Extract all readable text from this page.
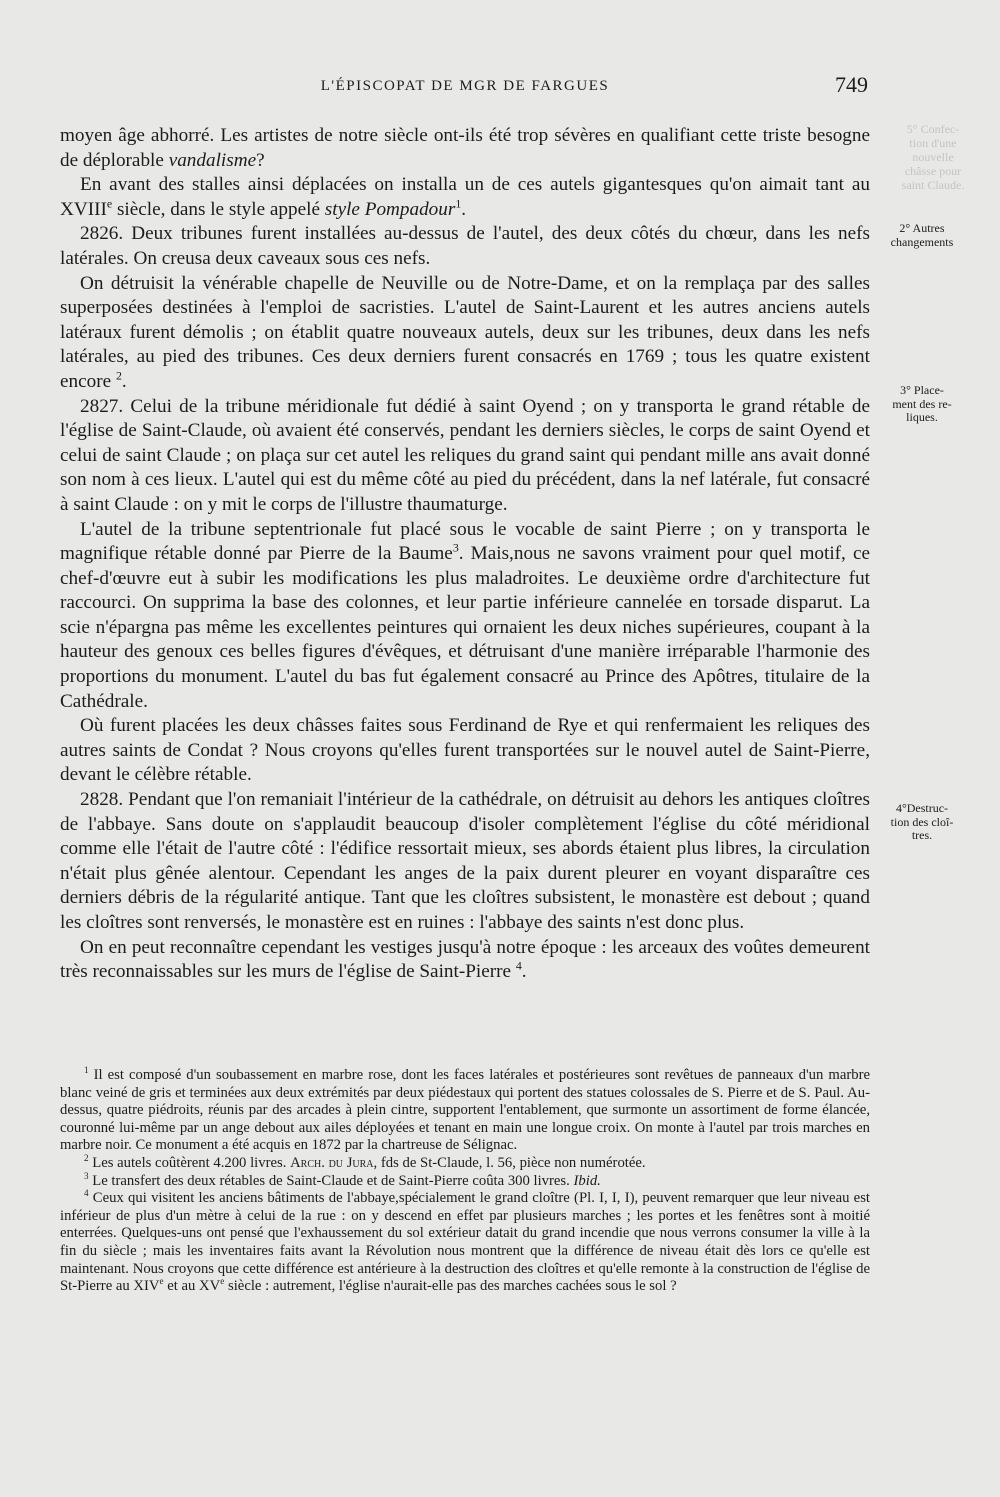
L'ÉPISCOPAT DE MGR DE FARGUES	749
5° Confec-
tion d'une
nouvelle
châsse pour
saint Claude.
2° Autres
changements
3° Place-
ment des re-
liques.
4°Destruc-
tion des cloî-
tres.

moyen âge abhorré. Les artistes de notre siècle ont-ils été trop sévères en qualifiant cette triste besogne de déplorable vandalisme?

En avant des stalles ainsi déplacées on installa un de ces autels gigantesques qu'on aimait tant au XVIIIe siècle, dans le style appelé style Pompadour$^1$.

2826. Deux tribunes furent installées au-dessus de l'autel, des deux côtés du chœur, dans les nefs latérales. On creusa deux caveaux sous ces nefs.

On détruisit la vénérable chapelle de Neuville ou de Notre-Dame, et on la remplaça par des salles superposées destinées à l'emploi de sacristies. L'autel de Saint-Laurent et les autres anciens autels latéraux furent démolis ; on établit quatre nouveaux autels, deux sur les tribunes, deux dans les nefs latérales, au pied des tribunes. Ces deux derniers furent consacrés en 1769 ; tous les quatre existent encore $^2$.

2827. Celui de la tribune méridionale fut dédié à saint Oyend ; on y transporta le grand rétable de l'église de Saint-Claude, où avaient été conservés, pendant les derniers siècles, le corps de saint Oyend et celui de saint Claude ; on plaça sur cet autel les reliques du grand saint qui pendant mille ans avait donné son nom à ces lieux. L'autel qui est du même côté au pied du précédent, dans la nef latérale, fut consacré à saint Claude : on y mit le corps de l'illustre thaumaturge.

L'autel de la tribune septentrionale fut placé sous le vocable de saint Pierre ; on y transporta le magnifique rétable donné par Pierre de la Baume$^3$. Mais,nous ne savons vraiment pour quel motif, ce chef-d'œuvre eut à subir les modifications les plus maladroites. Le deuxième ordre d'architecture fut raccourci. On supprima la base des colonnes, et leur partie inférieure cannelée en torsade disparut. La scie n'épargna pas même les excellentes peintures qui ornaient les deux niches supérieures, coupant à la hauteur des genoux ces belles figures d'évêques, et détruisant d'une manière irréparable l'harmonie des proportions du monument. L'autel du bas fut également consacré au Prince des Apôtres, titulaire de la Cathédrale.

Où furent placées les deux châsses faites sous Ferdinand de Rye et qui renfermaient les reliques des autres saints de Condat ? Nous croyons qu'elles furent transportées sur le nouvel autel de Saint-Pierre, devant le célèbre rétable.

2828. Pendant que l'on remaniait l'intérieur de la cathédrale, on détruisit au dehors les antiques cloîtres de l'abbaye. Sans doute on s'applaudit beaucoup d'isoler complètement l'église du côté méridional comme elle l'était de l'autre côté : l'édifice ressortait mieux, ses abords étaient plus libres, la circulation n'était plus gênée alentour. Cependant les anges de la paix durent pleurer en voyant disparaître ces derniers débris de la régularité antique. Tant que les cloîtres subsistent, le monastère est debout ; quand les cloîtres sont renversés, le monastère est en ruines : l'abbaye des saints n'est donc plus.

On en peut reconnaître cependant les vestiges jusqu'à notre époque : les arceaux des voûtes demeurent très reconnaissables sur les murs de l'église de Saint-Pierre $^4$.

$^1$ Il est composé d'un soubassement en marbre rose, dont les faces latérales et postérieures sont revêtues de panneaux d'un marbre blanc veiné de gris et terminées aux deux extrémités par deux piédestaux qui portent des statues colossales de S. Pierre et de S. Paul. Au-dessus, quatre piédroits, réunis par des arcades à plein cintre, supportent l'entablement, que surmonte un assortiment de forme élancée, couronné lui-même par un ange debout aux ailes déployées et tenant en main une longue croix. On monte à l'autel par trois marches en marbre noir. Ce monument a été acquis en 1872 par la chartreuse de Sélignac.

$^2$ Les autels coûtèrent 4.200 livres. Arch. du Jura, fds de St-Claude, l. 56, pièce non numérotée.

$^3$ Le transfert des deux rétables de Saint-Claude et de Saint-Pierre coûta 300 livres. Ibid.

$^4$ Ceux qui visitent les anciens bâtiments de l'abbaye,spécialement le grand cloître (Pl. I, I, I), peuvent remarquer que leur niveau est inférieur de plus d'un mètre à celui de la rue : on y descend en effet par plusieurs marches ; les portes et les fenêtres sont à moitié enterrées. Quelques-uns ont pensé que l'exhaussement du sol extérieur datait du grand incendie que nous verrons consumer la ville à la fin du siècle ; mais les inventaires faits avant la Révolution nous montrent que la différence de niveau était dès lors ce qu'elle est maintenant. Nous croyons que cette différence est antérieure à la destruction des cloîtres et qu'elle remonte à la construction de l'église de St-Pierre au XIVe et au XVe siècle : autrement, l'église n'aurait-elle pas des marches cachées sous le sol ?
